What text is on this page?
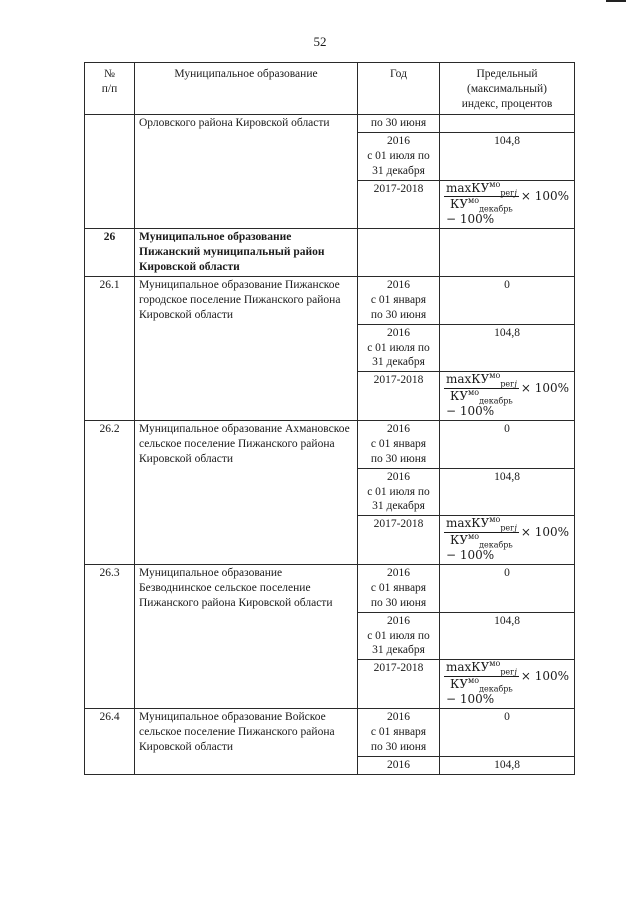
52
№
п/п	Муниципальное образование	Год	Предельный
(максимальный)
индекс, процентов
	Орловского района Кировской области	по 30 июня	
		2016
с 01 июля по
31 декабря	104,8
		2017-2018	$\frac{\max КУ^{мо}_{регj}}{КУ^{мо}_{декабрь}} \times 100\%$
− 100%

26	Муниципальное образование Пижанский муниципальный район Кировской области		
26.1	Муниципальное образование Пижанское городское поселение Пижанского района Кировской области	2016
с 01 января
по 30 июня	0
		2016
с 01 июля по
31 декабря	104,8
		2017-2018	$\frac{\max КУ^{мо}_{регj}}{КУ^{мо}_{декабрь}} \times 100\%$
− 100%

26.2	Муниципальное образование Ахмановское сельское поселение Пижанского района Кировской области	2016
с 01 января
по 30 июня	0
		2016
с 01 июля по
31 декабря	104,8
		2017-2018	$\frac{\max КУ^{мо}_{регj}}{КУ^{мо}_{декабрь}} \times 100\%$
− 100%

26.3	Муниципальное образование Безводнинское сельское поселение Пижанского района Кировской области	2016
с 01 января
по 30 июня	0
		2016
с 01 июля по
31 декабря	104,8
		2017-2018	$\frac{\max КУ^{мо}_{регj}}{КУ^{мо}_{декабрь}} \times 100\%$
− 100%

26.4	Муниципальное образование Войское сельское поселение Пижанского района Кировской области	2016
с 01 января
по 30 июня	0
		2016	104,8
